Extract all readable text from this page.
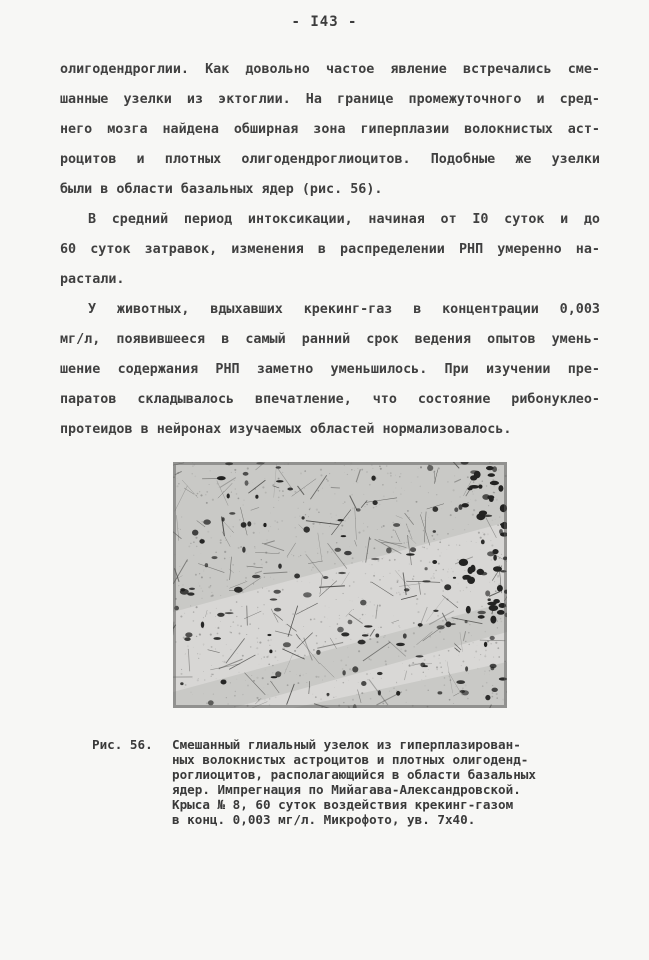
- I43 -
олигодендроглии. Как довольно частое явление встречались сме-
шанные узелки из эктоглии. На границе промежуточного и сред-
него мозга найдена обширная зона гиперплазии волокнистых аст-
роцитов и плотных олигодендроглиоцитов. Подобные же узелки
были в области базальных ядер (рис. 56).
В средний период интоксикации, начиная от I0 суток и до
60 суток затравок, изменения в распределении РНП умеренно на-
растали.
У животных, вдыхавших крекинг-газ в концентрации 0,003
мг/л, появившееся в самый ранний срок ведения опытов умень-
шение содержания РНП заметно уменьшилось. При изучении пре-
паратов складывалось впечатление, что состояние рибонуклео-
протеидов в нейронах изучаемых областей нормализовалось.
Рис. 56. Смешанный глиальный узелок из гиперплазирован-
ных волокнистых астроцитов и плотных олигоденд-
роглиоцитов, располагающийся в области базальных
ядер. Импрегнация по Мийагава-Александровской.
Крыса № 8, 60 суток воздействия крекинг-газом
в конц. 0,003 мг/л. Микрофото, ув. 7х40.
